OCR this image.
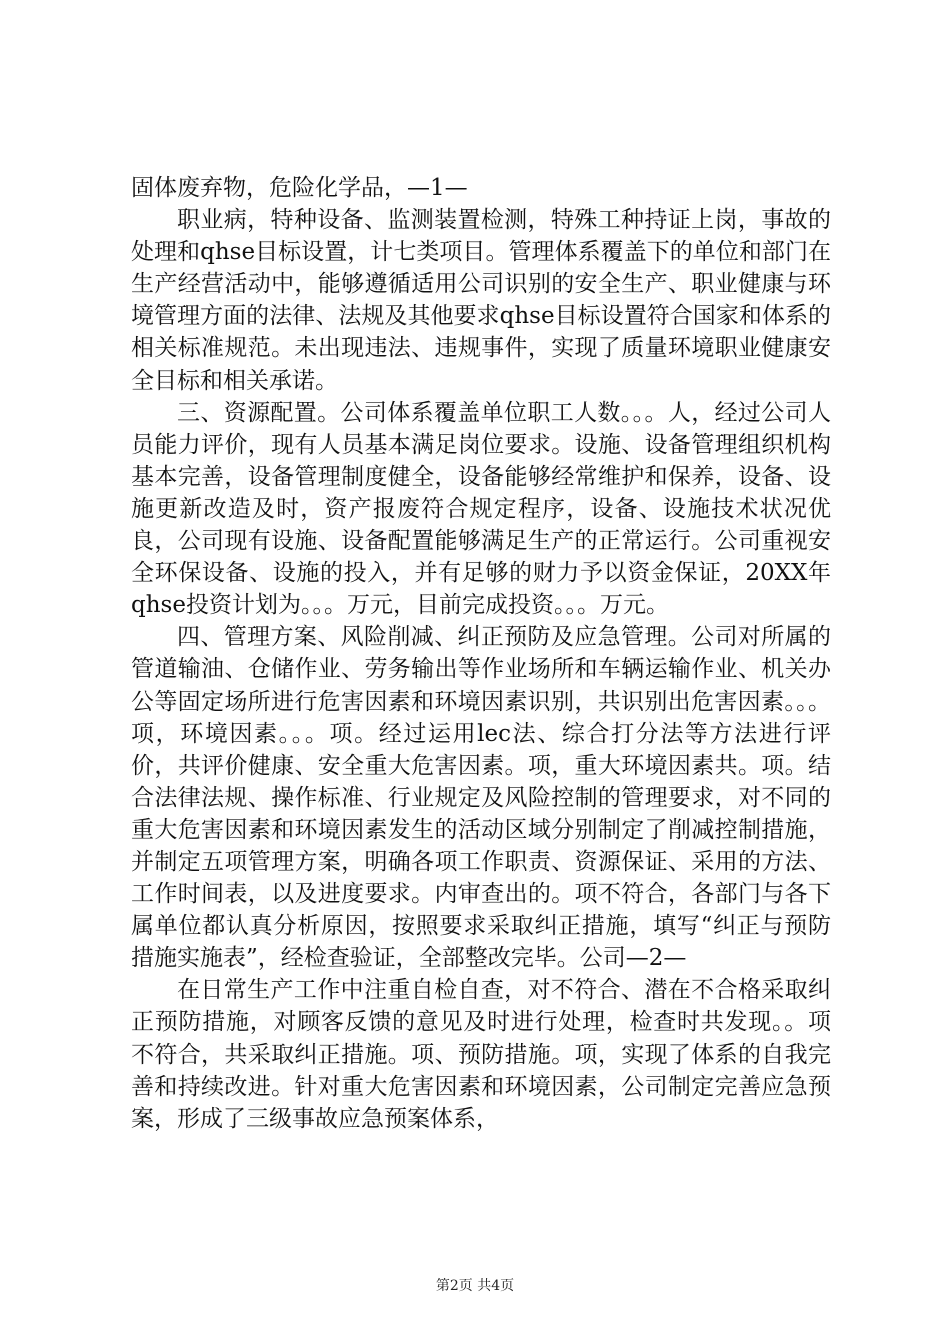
固体废弃物，危险化学品，—1—

职业病，特种设备、监测装置检测，特殊工种持证上岗，事故的处理和qhse目标设置，计七类项目。管理体系覆盖下的单位和部门在生产经营活动中，能够遵循适用公司识别的安全生产、职业健康与环境管理方面的法律、法规及其他要求qhse目标设置符合国家和体系的相关标准规范。未出现违法、违规事件，实现了质量环境职业健康安全目标和相关承诺。

三、资源配置。公司体系覆盖单位职工人数。。。人，经过公司人员能力评价，现有人员基本满足岗位要求。设施、设备管理组织机构基本完善，设备管理制度健全，设备能够经常维护和保养，设备、设施更新改造及时，资产报废符合规定程序，设备、设施技术状况优良，公司现有设施、设备配置能够满足生产的正常运行。公司重视安全环保设备、设施的投入，并有足够的财力予以资金保证，20XX年qhse投资计划为。。。万元，目前完成投资。。。万元。

四、管理方案、风险削减、纠正预防及应急管理。公司对所属的管道输油、仓储作业、劳务输出等作业场所和车辆运输作业、机关办公等固定场所进行危害因素和环境因素识别，共识别出危害因素。。。项，环境因素。。。项。经过运用lec法、综合打分法等方法进行评价，共评价健康、安全重大危害因素。项，重大环境因素共。项。结合法律法规、操作标准、行业规定及风险控制的管理要求，对不同的重大危害因素和环境因素发生的活动区域分别制定了削减控制措施，并制定五项管理方案，明确各项工作职责、资源保证、采用的方法、工作时间表，以及进度要求。内审查出的。项不符合，各部门与各下属单位都认真分析原因，按照要求采取纠正措施，填写“纠正与预防措施实施表”，经检查验证，全部整改完毕。公司—2—

在日常生产工作中注重自检自查，对不符合、潜在不合格采取纠正预防措施，对顾客反馈的意见及时进行处理，检查时共发现。。项不符合，共采取纠正措施。项、预防措施。项，实现了体系的自我完善和持续改进。针对重大危害因素和环境因素，公司制定完善应急预案，形成了三级事故应急预案体系，

第2页 共4页
